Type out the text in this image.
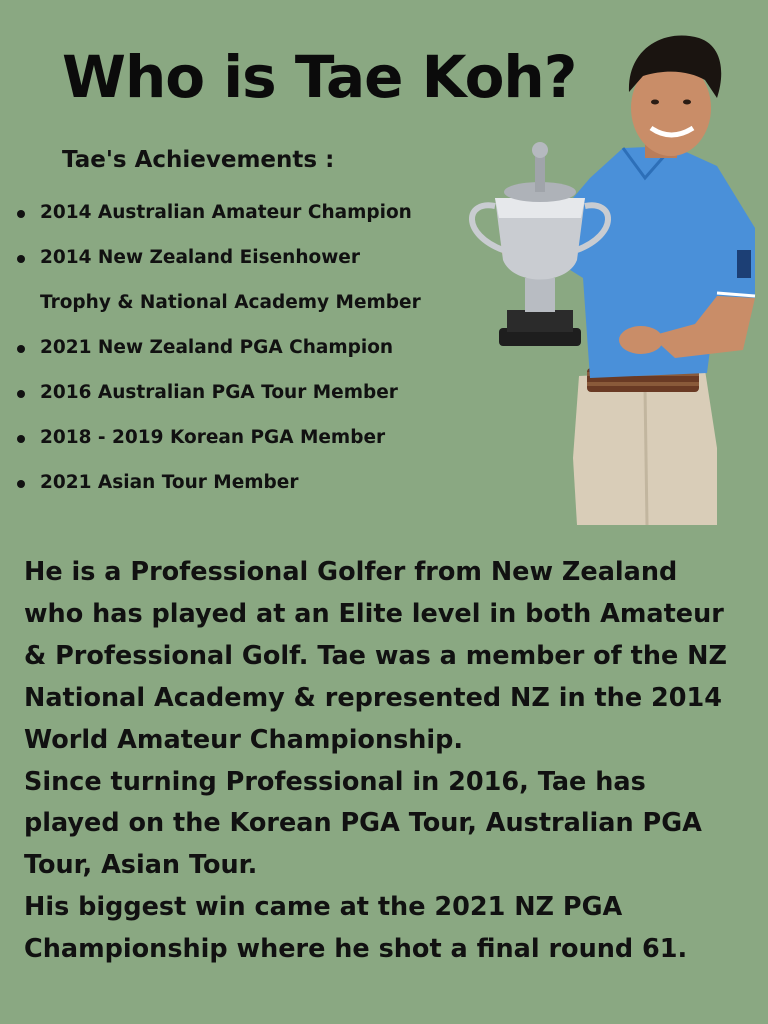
Who is Tae Koh?
Tae's Achievements :
2014 Australian Amateur Champion
2014 New Zealand Eisenhower
Trophy & National Academy Member
2021 New Zealand PGA Champion
2016 Australian PGA Tour Member
2018 - 2019 Korean PGA Member
2021 Asian Tour Member

He is a Professional Golfer from New Zealand

who has played at an Elite level in both Amateur

& Professional Golf. Tae was a member of the NZ

National Academy & represented NZ in the 2014

World Amateur Championship.

Since turning Professional in 2016, Tae has

played on the Korean PGA Tour, Australian PGA

Tour, Asian Tour.

His biggest win came at the 2021 NZ PGA

Championship where he shot a final round 61.
